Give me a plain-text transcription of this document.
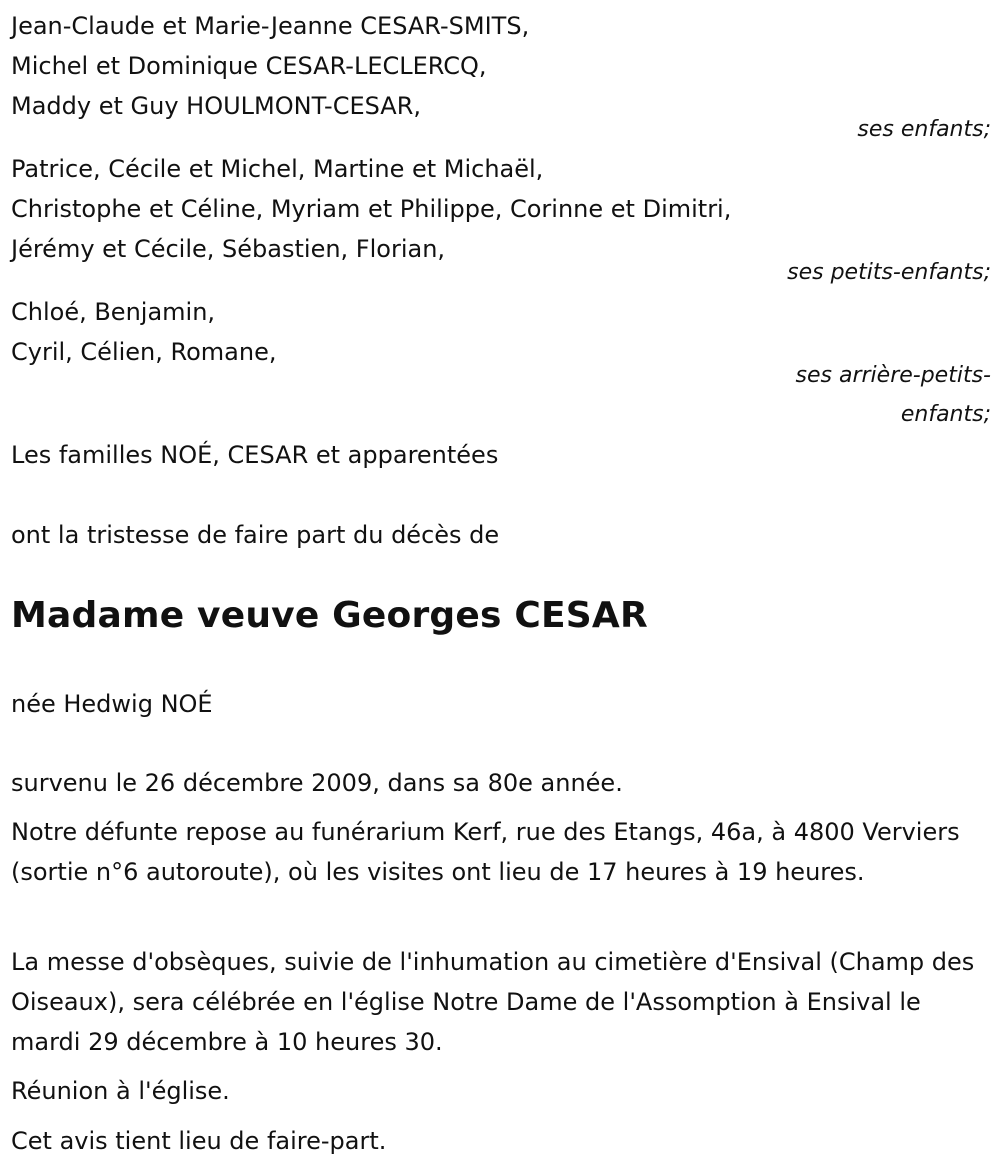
Jean-Claude et Marie-Jeanne CESAR-SMITS,
Michel et Dominique CESAR-LECLERCQ,
Maddy et Guy HOULMONT-CESAR,
ses enfants;
Patrice, Cécile et Michel, Martine et Michaël,
Christophe et Céline, Myriam et Philippe, Corinne et Dimitri,
Jérémy et Cécile, Sébastien, Florian,
ses petits-enfants;
Chloé, Benjamin,
Cyril, Célien, Romane,
ses arrière-petits-
enfants;
Les familles NOÉ, CESAR et apparentées
ont la tristesse de faire part du décès de
Madame veuve Georges CESAR
née Hedwig NOÉ
survenu le 26 décembre 2009, dans sa 80e année.
Notre défunte repose au funérarium Kerf, rue des Etangs, 46a, à 4800 Verviers (sortie n°6 autoroute), où les visites ont lieu de 17 heures à 19 heures.
La messe d'obsèques, suivie de l'inhumation au cimetière d'Ensival (Champ des Oiseaux), sera célébrée en l'église Notre Dame de l'Assomption à Ensival le mardi 29 décembre à 10 heures 30.
Réunion à l'église.
Cet avis tient lieu de faire-part.
